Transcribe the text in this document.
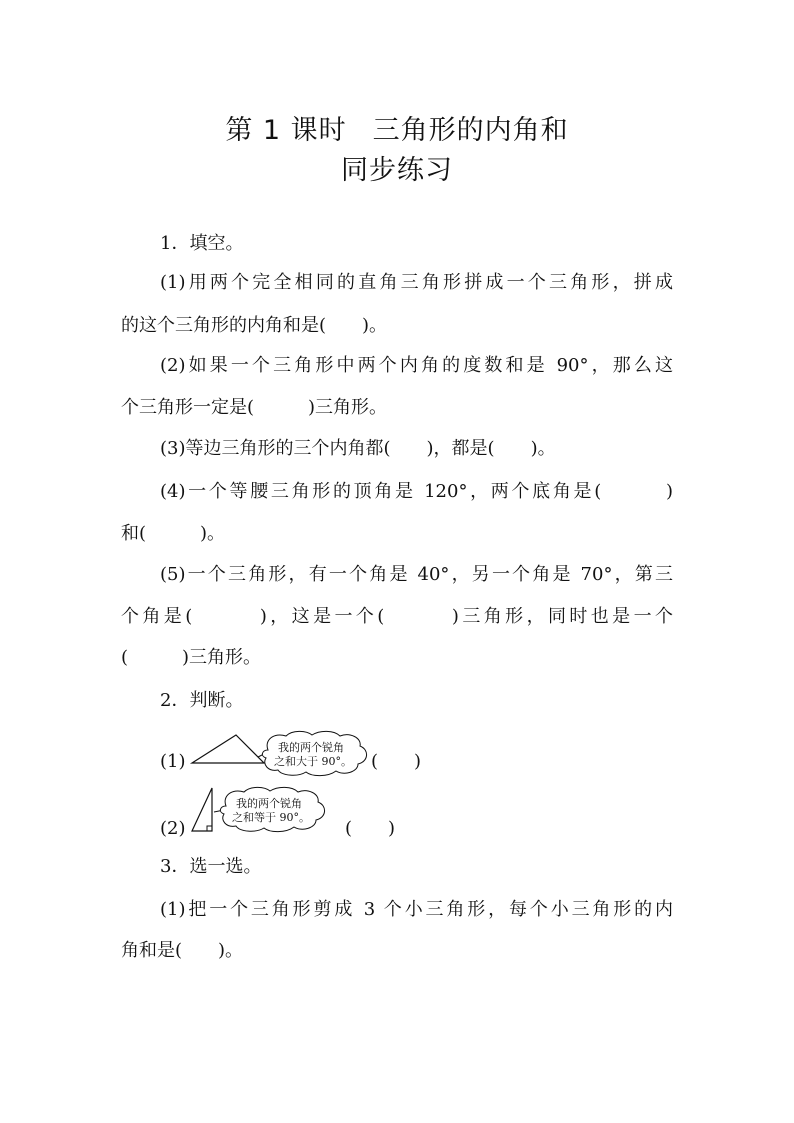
第 1 课时 三角形的内角和
同步练习
1．填空。
(1)用两个完全相同的直角三角形拼成一个三角形，拼成
的这个三角形的内角和是(　　)。
(2)如果一个三角形中两个内角的度数和是 90°，那么这
个三角形一定是(　　　)三角形。
(3)等边三角形的三个内角都(　　)，都是(　　)。
(4)一个等腰三角形的顶角是 120°，两个底角是(　　　)
和(　　　)。
(5)一个三角形，有一个角是 40°，另一个角是 70°，第三
个角是(　　　)，这是一个(　　　)三角形，同时也是一个
(　　　)三角形。
2．判断。
(1)
我的两个锐角
之和大于 90°。 (　　)
(2)
我的两个锐角
之和等于 90°。
(　　)
3．选一选。
(1)把一个三角形剪成 3 个小三角形，每个小三角形的内
角和是(　　)。
